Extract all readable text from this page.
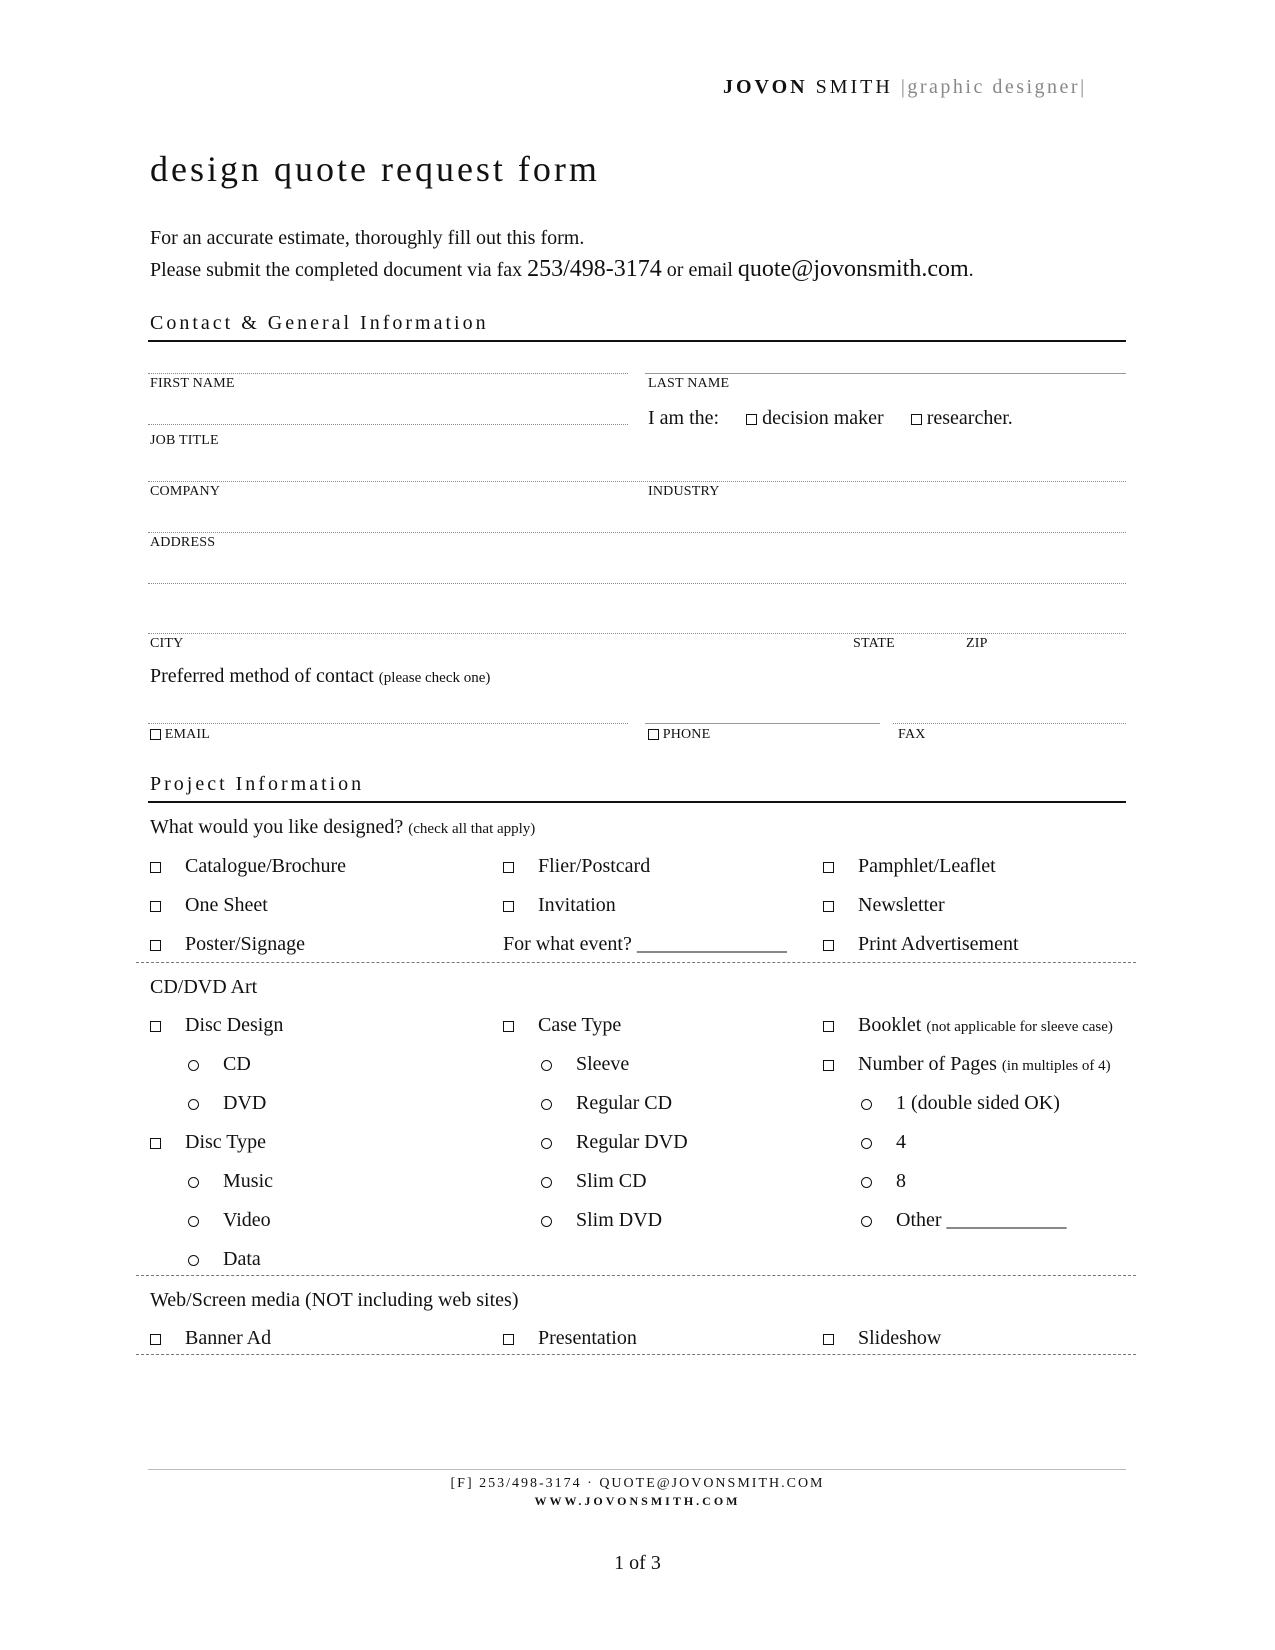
JOVON SMITH |graphic designer|
design quote request form
For an accurate estimate, thoroughly fill out this form.
Please submit the completed document via fax 253/498-3174 or email quote@jovonsmith.com.
Contact & General Information
FIRST NAME	LAST NAME
I am the: decision maker researcher.
JOB TITLE
COMPANY	INDUSTRY
ADDRESS
CITY	STATE	ZIP
Preferred method of contact (please check one)
EMAIL	PHONE	FAX
Project Information
What would you like designed? (check all that apply)
Catalogue/Brochure
One Sheet
Poster/Signage
Flier/Postcard
Invitation
For what event? _______________
Pamphlet/Leaflet
Newsletter
Print Advertisement
CD/DVD Art
Disc Design
CD
DVD
Disc Type
Music
Video
Data
Case Type
Sleeve
Regular CD
Regular DVD
Slim CD
Slim DVD
Booklet (not applicable for sleeve case)
Number of Pages (in multiples of 4)
1 (double sided OK)
4
8
Other ____________
Web/Screen media (NOT including web sites)
Banner Ad	Presentation	Slideshow
[F] 253/498-3174 · QUOTE@JOVONSMITH.COM
WWW.JOVONSMITH.COM
1 of 3
